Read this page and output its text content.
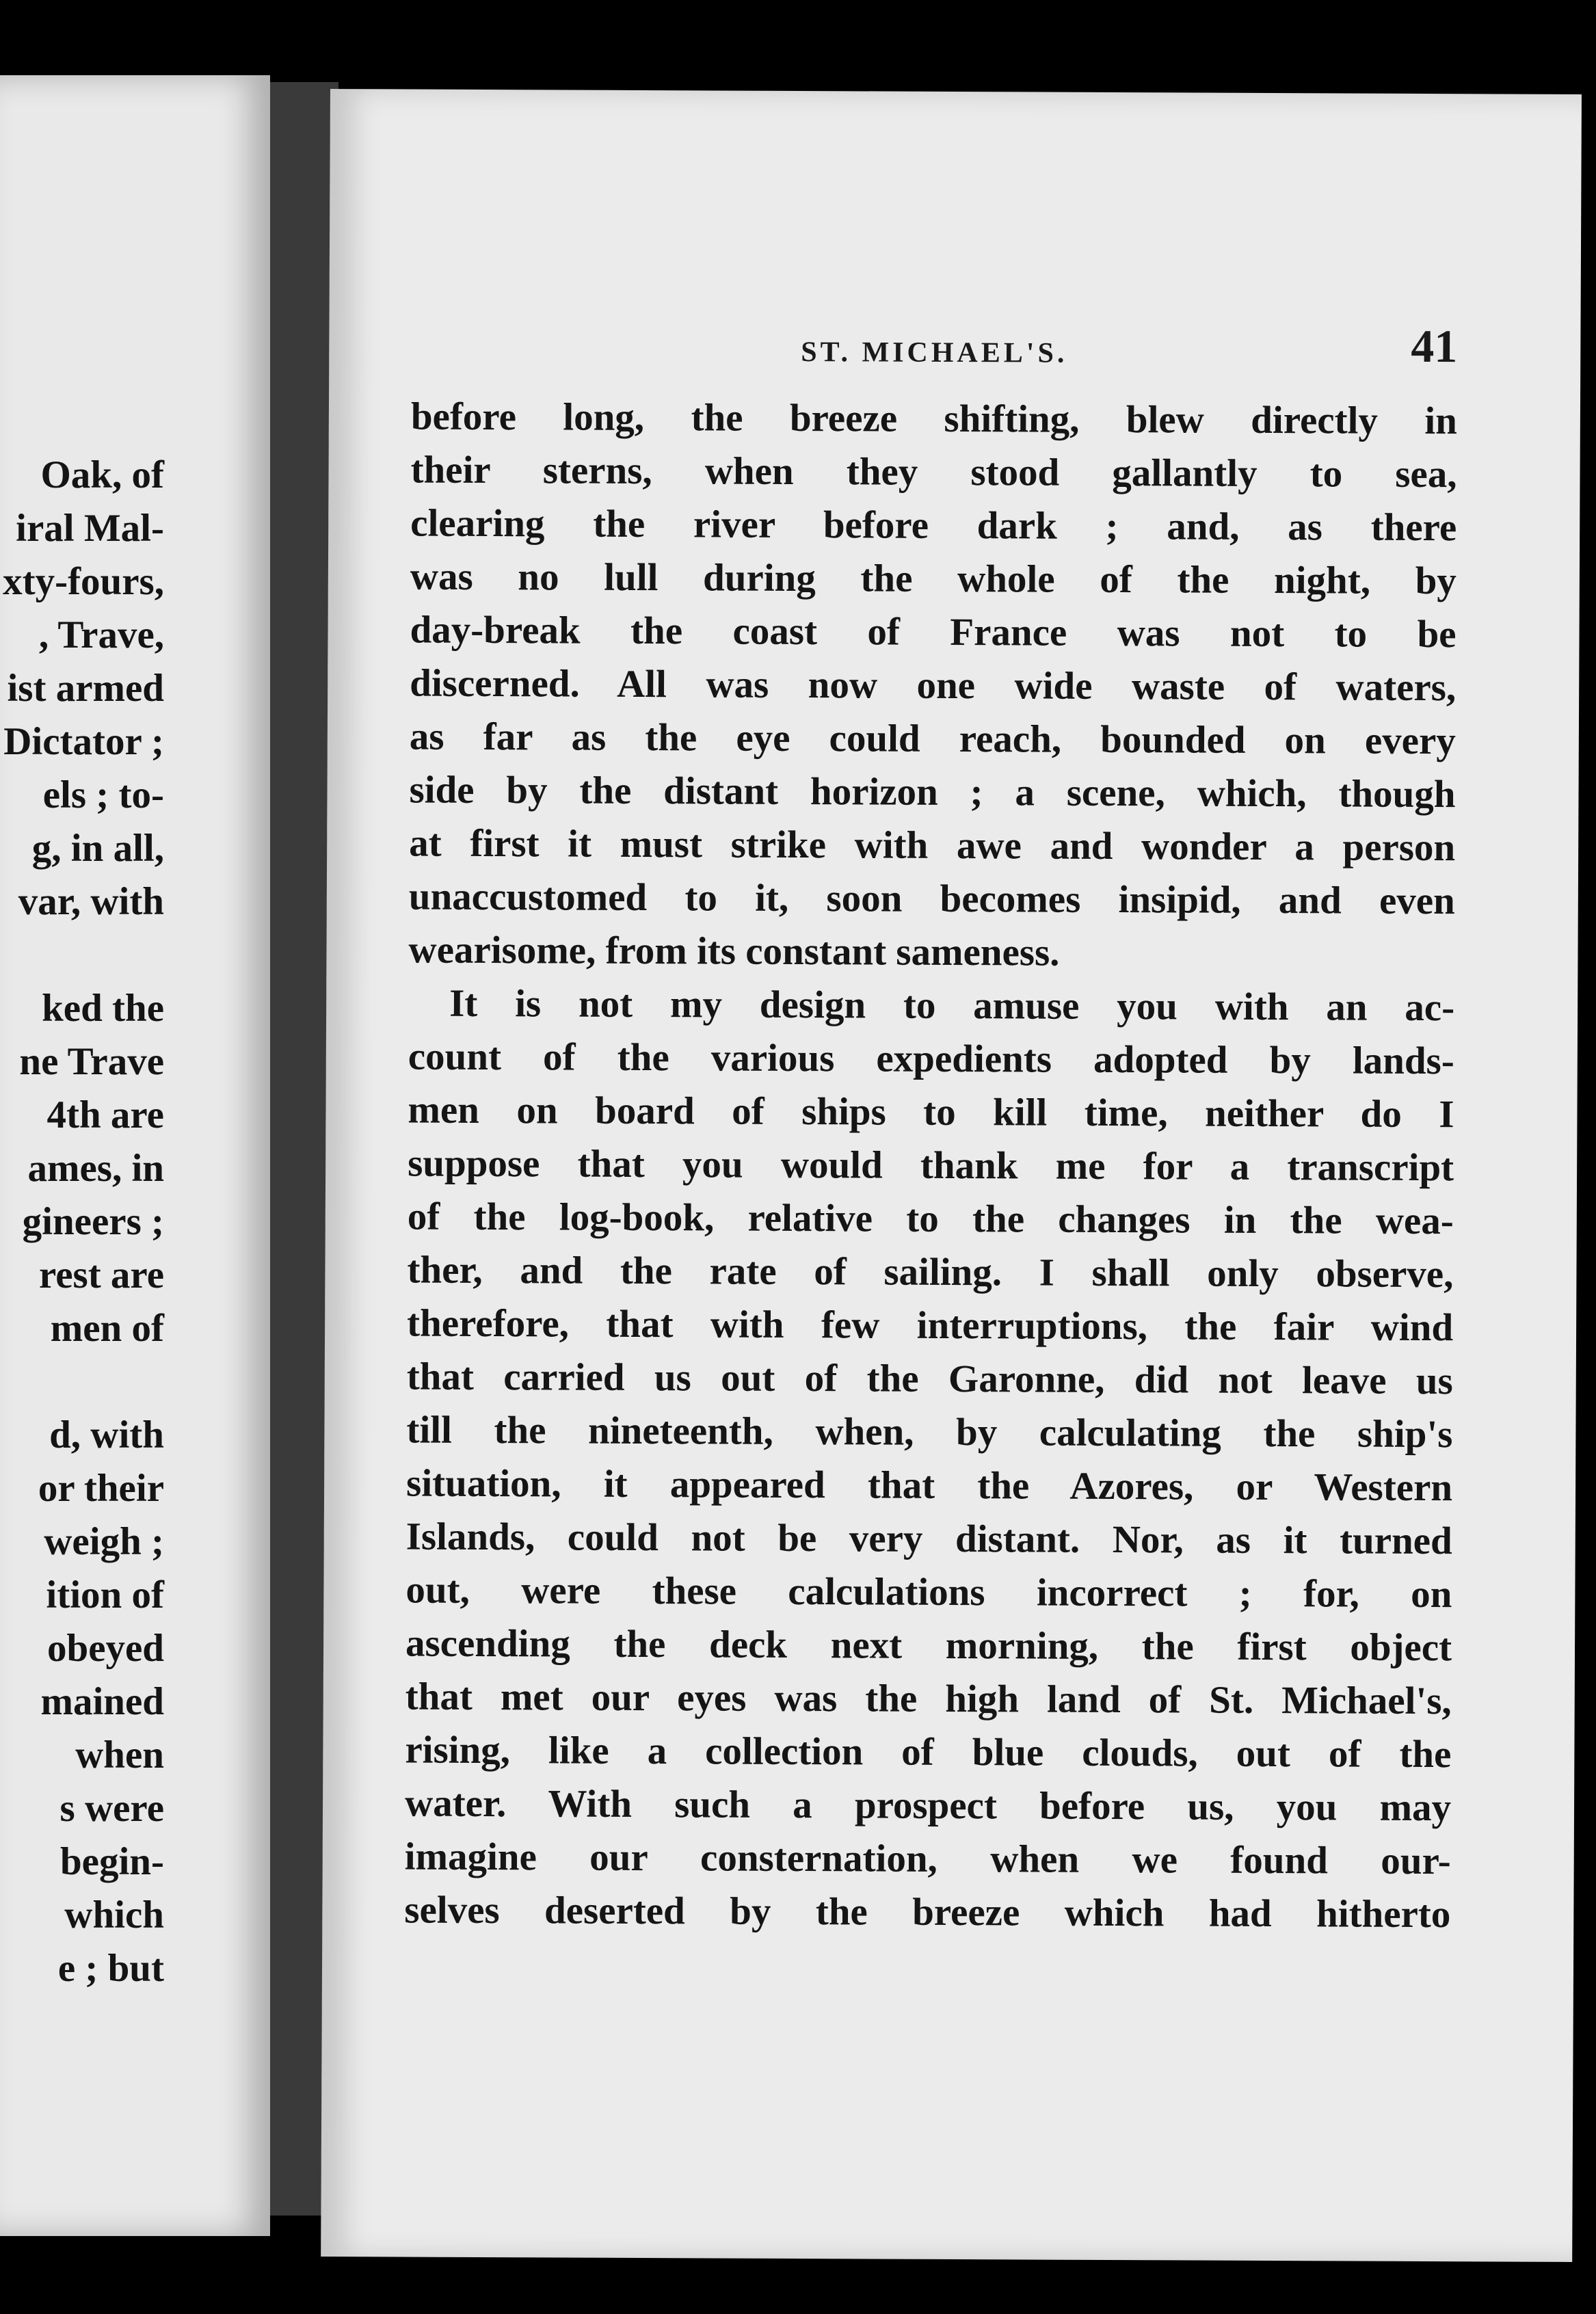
Oak, of
iral Mal-
xty-fours,
, Trave,
ist armed
Dictator ;
els ; to-
g, in all,
var, with
ked the
ne Trave
4th are
ames, in
gineers ;
rest are
men of
d, with
or their
weigh ;
ition of
obeyed
mained
when
s were
begin-
which
e ; but
ST. MICHAEL'S.	41
before long, the breeze shifting, blew directly in
their sterns, when they stood gallantly to sea,
clearing the river before dark ; and, as there
was no lull during the whole of the night, by
day-break the coast of France was not to be
discerned. All was now one wide waste of waters,
as far as the eye could reach, bounded on every
side by the distant horizon ; a scene, which, though
at first it must strike with awe and wonder a person
unaccustomed to it, soon becomes insipid, and even
wearisome, from its constant sameness.
It is not my design to amuse you with an ac-
count of the various expedients adopted by lands-
men on board of ships to kill time, neither do I
suppose that you would thank me for a transcript
of the log-book, relative to the changes in the wea-
ther, and the rate of sailing. I shall only observe,
therefore, that with few interruptions, the fair wind
that carried us out of the Garonne, did not leave us
till the nineteenth, when, by calculating the ship's
situation, it appeared that the Azores, or Western
Islands, could not be very distant. Nor, as it turned
out, were these calculations incorrect ; for, on
ascending the deck next morning, the first object
that met our eyes was the high land of St. Michael's,
rising, like a collection of blue clouds, out of the
water. With such a prospect before us, you may
imagine our consternation, when we found our-
selves deserted by the breeze which had hitherto
